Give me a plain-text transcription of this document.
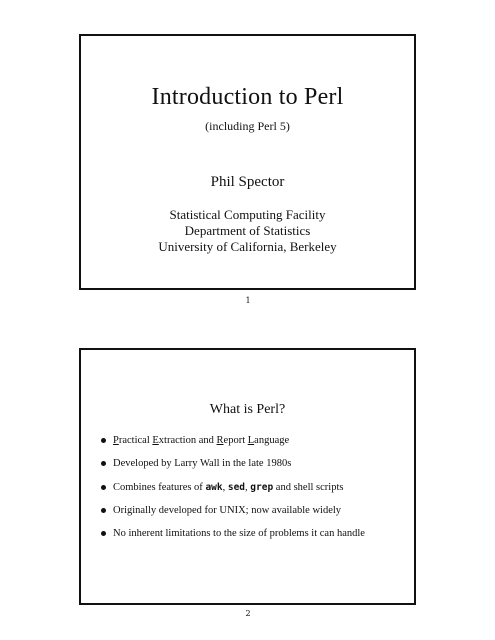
Introduction to Perl
(including Perl 5)
Phil Spector
Statistical Computing Facility
Department of Statistics
University of California, Berkeley
1
What is Perl?
Practical Extraction and Report Language
Developed by Larry Wall in the late 1980s
Combines features of awk, sed, grep and shell scripts
Originally developed for UNIX; now available widely
No inherent limitations to the size of problems it can handle
2
